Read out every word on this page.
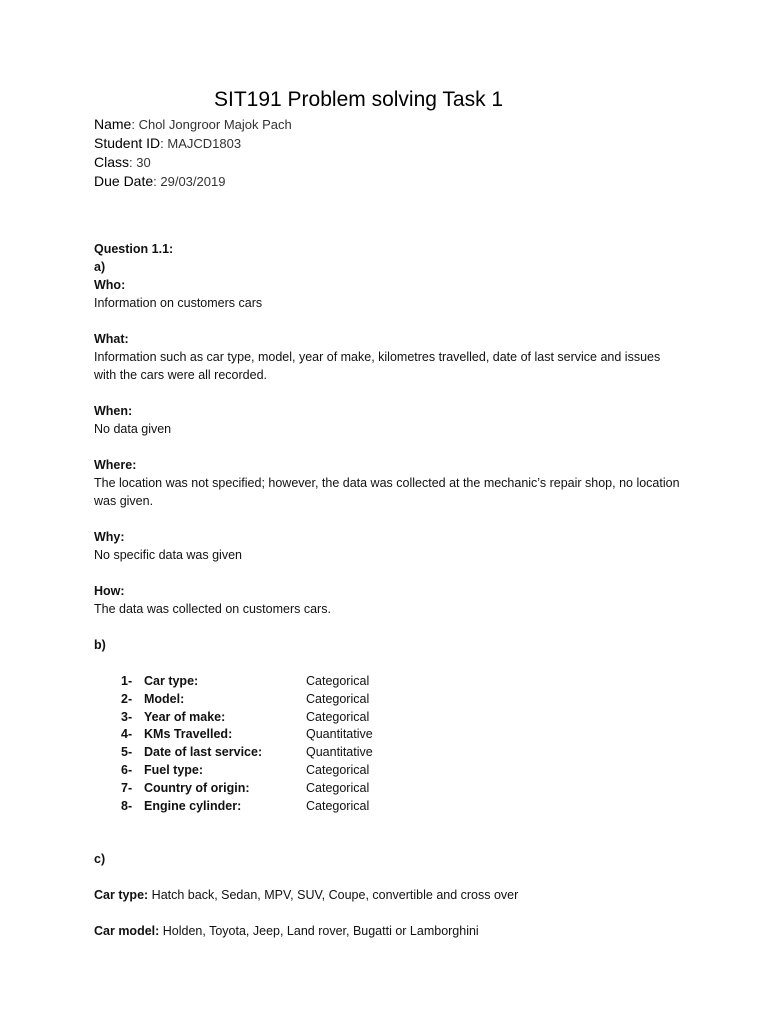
SIT191 Problem solving Task 1
Name: Chol Jongroor Majok Pach
Student ID: MAJCD1803
Class: 30
Due Date: 29/03/2019
Question 1.1:
a)
Who:
Information on customers cars
What:
Information such as car type, model, year of make, kilometres travelled, date of last service and issues with the cars were all recorded.
When:
No data given
Where:
The location was not specified; however, the data was collected at the mechanic’s repair shop, no location was given.
Why:
No specific data was given
How:
The data was collected on customers cars.
b)
1- Car type:	Categorical
2- Model:	Categorical
3- Year of make:	Categorical
4- KMs Travelled:	Quantitative
5- Date of last service:	Quantitative
6- Fuel type:	Categorical
7- Country of origin:	Categorical
8- Engine cylinder:	Categorical
c)
Car type: Hatch back, Sedan, MPV, SUV, Coupe, convertible and cross over
Car model: Holden, Toyota, Jeep, Land rover, Bugatti or Lamborghini
